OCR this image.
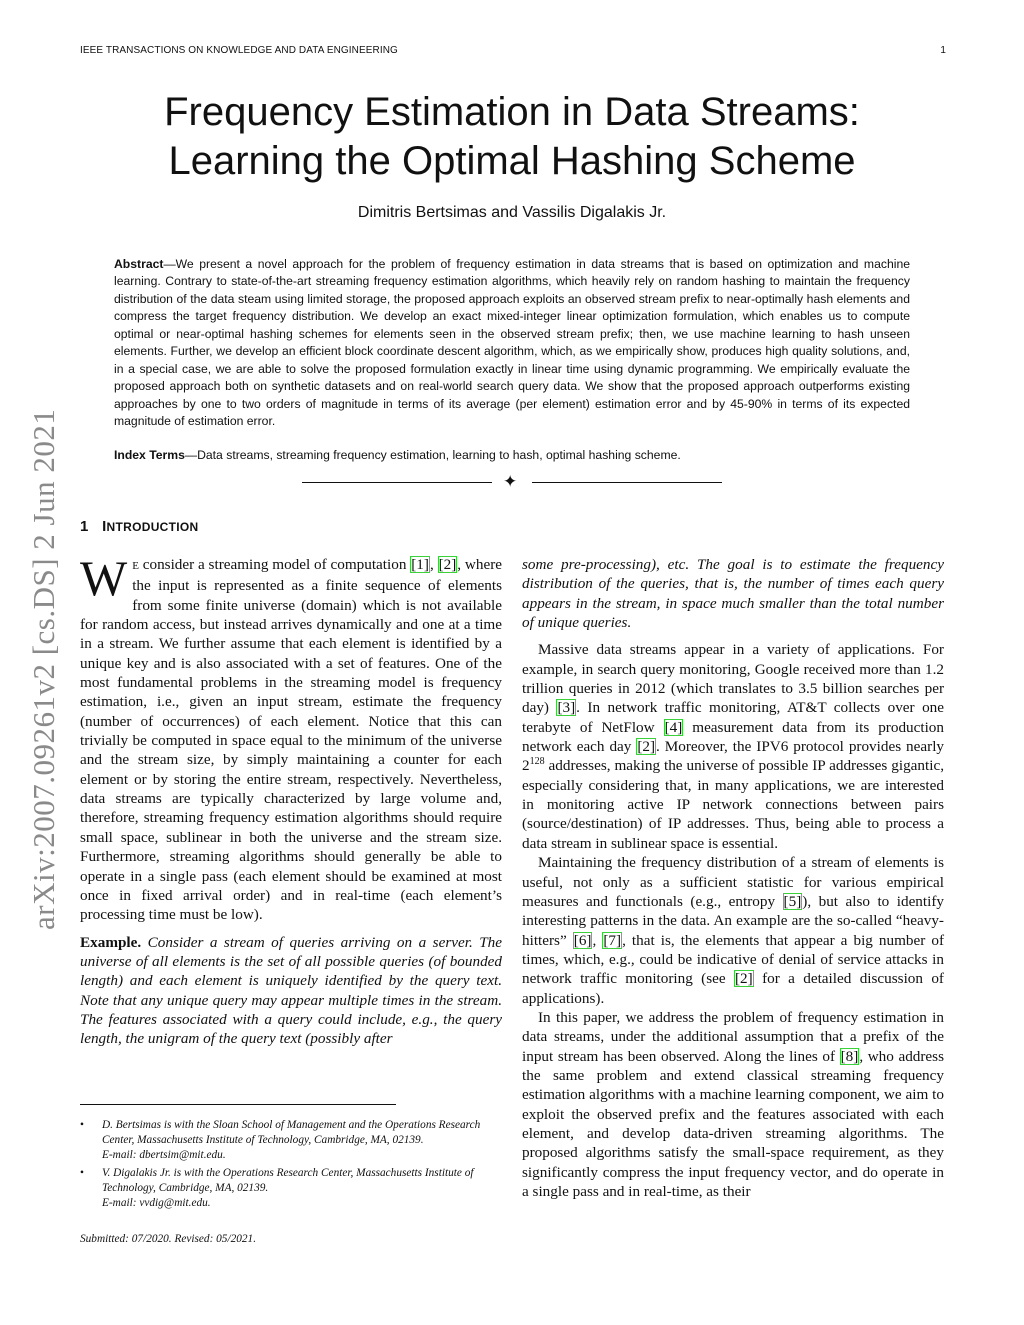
IEEE TRANSACTIONS ON KNOWLEDGE AND DATA ENGINEERING	1
arXiv:2007.09261v2 [cs.DS] 2 Jun 2021
Frequency Estimation in Data Streams:
Learning the Optimal Hashing Scheme
Dimitris Bertsimas and Vassilis Digalakis Jr.
Abstract—We present a novel approach for the problem of frequency estimation in data streams that is based on optimization and machine learning. Contrary to state-of-the-art streaming frequency estimation algorithms, which heavily rely on random hashing to maintain the frequency distribution of the data steam using limited storage, the proposed approach exploits an observed stream prefix to near-optimally hash elements and compress the target frequency distribution. We develop an exact mixed-integer linear optimization formulation, which enables us to compute optimal or near-optimal hashing schemes for elements seen in the observed stream prefix; then, we use machine learning to hash unseen elements. Further, we develop an efficient block coordinate descent algorithm, which, as we empirically show, produces high quality solutions, and, in a special case, we are able to solve the proposed formulation exactly in linear time using dynamic programming. We empirically evaluate the proposed approach both on synthetic datasets and on real-world search query data. We show that the proposed approach outperforms existing approaches by one to two orders of magnitude in terms of its average (per element) estimation error and by 45-90% in terms of its expected magnitude of estimation error.
Index Terms—Data streams, streaming frequency estimation, learning to hash, optimal hashing scheme.
✦
1 INTRODUCTION

W E consider a streaming model of computation [1], [2], where the input is represented as a finite sequence of elements from some finite universe (domain) which is not available for random access, but instead arrives dynamically and one at a time in a stream. We further assume that each element is identified by a unique key and is also associated with a set of features. One of the most fundamental problems in the streaming model is frequency estimation, i.e., given an input stream, estimate the frequency (number of occurrences) of each element. Notice that this can trivially be computed in space equal to the minimum of the universe and the stream size, by simply maintaining a counter for each element or by storing the entire stream, respectively. Nevertheless, data streams are typically characterized by large volume and, therefore, streaming frequency estimation algorithms should require small space, sublinear in both the universe and the stream size. Furthermore, streaming algorithms should generally be able to operate in a single pass (each element should be examined at most once in fixed arrival order) and in real-time (each element’s processing time must be low).

Example. Consider a stream of queries arriving on a server. The universe of all elements is the set of all possible queries (of bounded length) and each element is uniquely identified by the query text. Note that any unique query may appear multiple times in the stream. The features associated with a query could include, e.g., the query length, the unigram of the query text (possibly after

some pre-processing), etc. The goal is to estimate the frequency distribution of the queries, that is, the number of times each query appears in the stream, in space much smaller than the total number of unique queries.

Massive data streams appear in a variety of applications. For example, in search query monitoring, Google received more than 1.2 trillion queries in 2012 (which translates to 3.5 billion searches per day) [3]. In network traffic monitoring, AT&T collects over one terabyte of NetFlow [4] measurement data from its production network each day [2]. Moreover, the IPV6 protocol provides nearly $2^{128}$ addresses, making the universe of possible IP addresses gigantic, especially considering that, in many applications, we are interested in monitoring active IP network connections between pairs (source/destination) of IP addresses. Thus, being able to process a data stream in sublinear space is essential.

Maintaining the frequency distribution of a stream of elements is useful, not only as a sufficient statistic for various empirical measures and functionals (e.g., entropy [5]), but also to identify interesting patterns in the data. An example are the so-called “heavy-hitters” [6], [7], that is, the elements that appear a big number of times, which, e.g., could be indicative of denial of service attacks in network traffic monitoring (see [2] for a detailed discussion of applications).

In this paper, we address the problem of frequency estimation in data streams, under the additional assumption that a prefix of the input stream has been observed. Along the lines of [8], who address the same problem and extend classical streaming frequency estimation algorithms with a machine learning component, we aim to exploit the observed prefix and the features associated with each element, and develop data-driven streaming algorithms. The proposed algorithms satisfy the small-space requirement, as they significantly compress the input frequency vector, and do operate in a single pass and in real-time, as their

• D. Bertsimas is with the Sloan School of Management and the Operations Research Center, Massachusetts Institute of Technology, Cambridge, MA, 02139.
E-mail: dbertsim@mit.edu.
• V. Digalakis Jr. is with the Operations Research Center, Massachusetts Institute of Technology, Cambridge, MA, 02139.
E-mail: vvdig@mit.edu.
Submitted: 07/2020. Revised: 05/2021.
